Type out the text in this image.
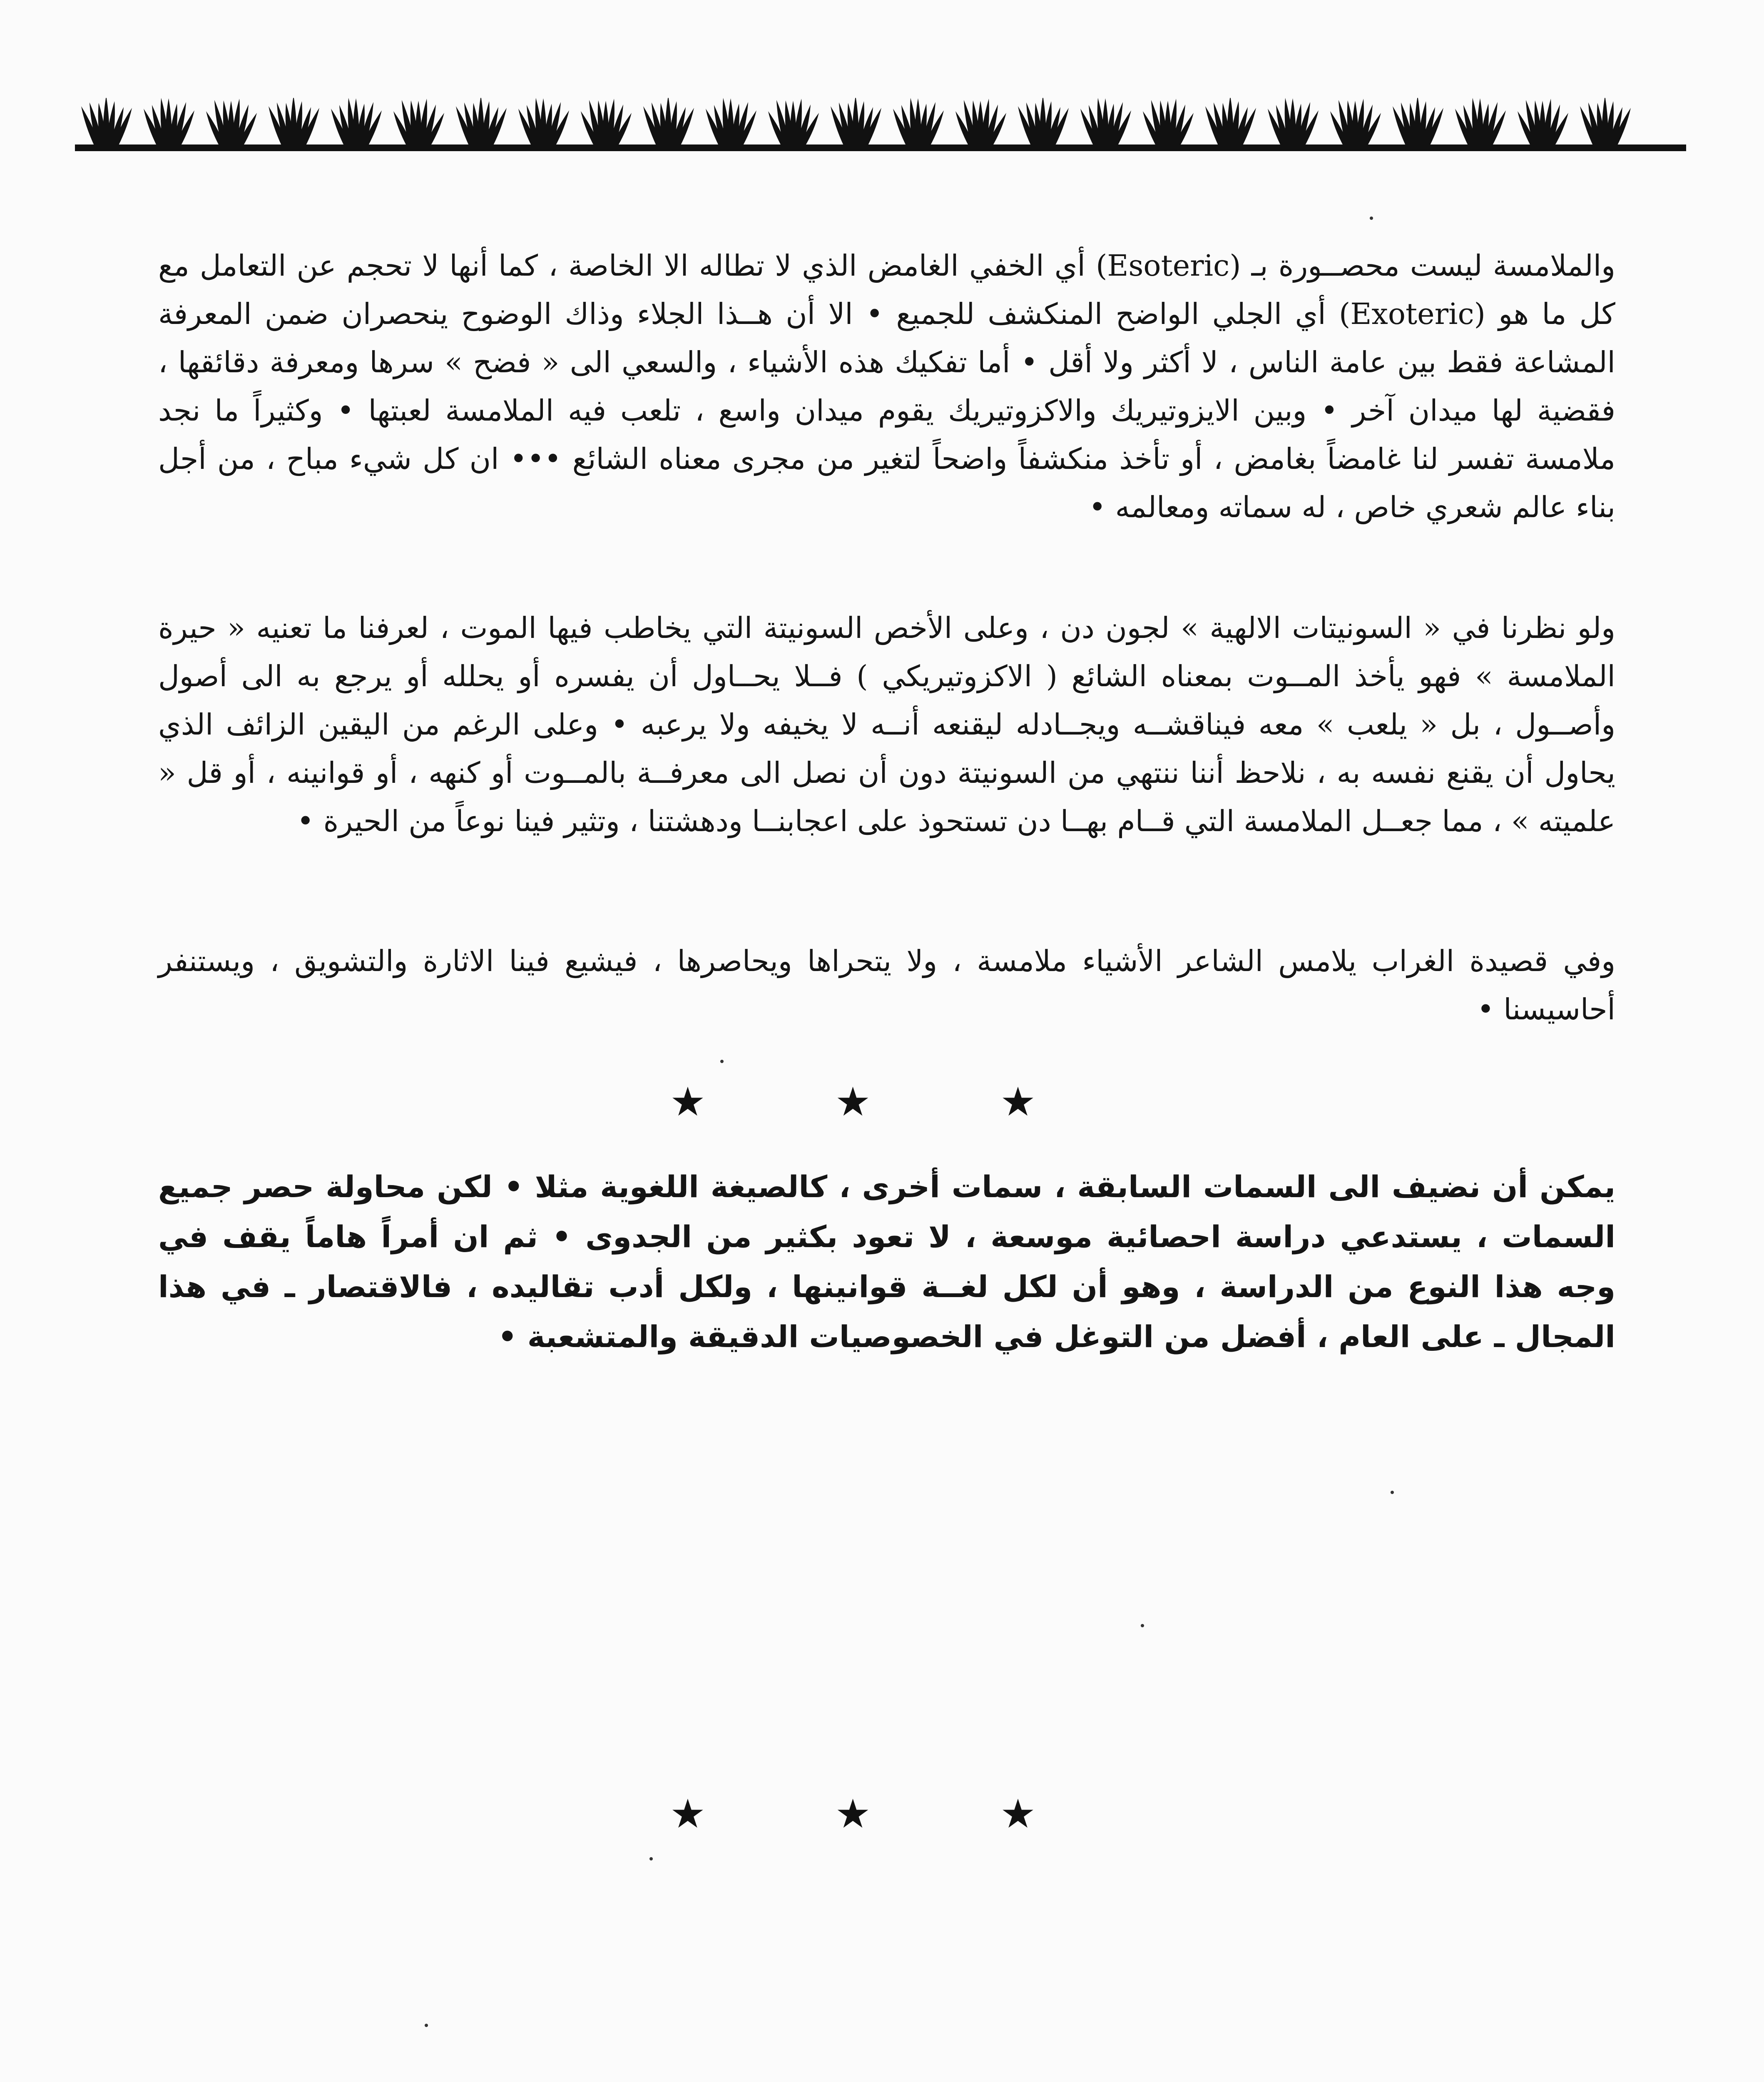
والملامسة ليست محصــورة بـ (Esoteric) أي الخفي الغامض الذي لا تطاله الا الخاصة ، كما أنها لا تحجم عن التعامل مع كل ما هو (Exoteric) أي الجلي الواضح المنكشف للجميع • الا أن هــذا الجلاء وذاك الوضوح ينحصران ضمن المعرفة المشاعة فقط بين عامة الناس ، لا أكثر ولا أقل • أما تفكيك هذه الأشياء ، والسعي الى « فضح » سرها ومعرفة دقائقها ، فقضية لها ميدان آخر • وبين الايزوتيريك والاكزوتيريك يقوم ميدان واسع ، تلعب فيه الملامسة لعبتها • وكثيراً ما نجد ملامسة تفسر لنا غامضاً بغامض ، أو تأخذ منكشفاً واضحاً لتغير من مجرى معناه الشائع ••• ان كل شيء مباح ، من أجل بناء عالم شعري خاص ، له سماته ومعالمه •

ولو نظرنا في « السونيتات الالهية » لجون دن ، وعلى الأخص السونيتة التي يخاطب فيها الموت ، لعرفنا ما تعنيه « حيرة الملامسة » فهو يأخذ المــوت بمعناه الشائع ( الاكزوتيريكي ) فــلا يحــاول أن يفسره أو يحلله أو يرجع به الى أصول وأصــول ، بل « يلعب » معه فيناقشــه ويجــادله ليقنعه أنــه لا يخيفه ولا يرعبه • وعلى الرغم من اليقين الزائف الذي يحاول أن يقنع نفسه به ، نلاحظ أننا ننتهي من السونيتة دون أن نصل الى معرفــة بالمــوت أو كنهه ، أو قوانينه ، أو قل « علميته » ، مما جعــل الملامسة التي قــام بهــا دن تستحوذ على اعجابنــا ودهشتنا ، وتثير فينا نوعاً من الحيرة •

وفي قصيدة الغراب يلامس الشاعر الأشياء ملامسة ، ولا يتحراها ويحاصرها ، فيشيع فينا الاثارة والتشويق ، ويستنفر أحاسيسنا •

★ ★ ★

يمكن أن نضيف الى السمات السابقة ، سمات أخرى ، كالصيغة اللغوية مثلا • لكن محاولة حصر جميع السمات ، يستدعي دراسة احصائية موسعة ، لا تعود بكثير من الجدوى • ثم ان أمراً هاماً يقف في وجه هذا النوع من الدراسة ، وهو أن لكل لغــة قوانينها ، ولكل أدب تقاليده ، فالاقتصار ـ في هذا المجال ـ على العام ، أفضل من التوغل في الخصوصيات الدقيقة والمتشعبة •

★ ★ ★
